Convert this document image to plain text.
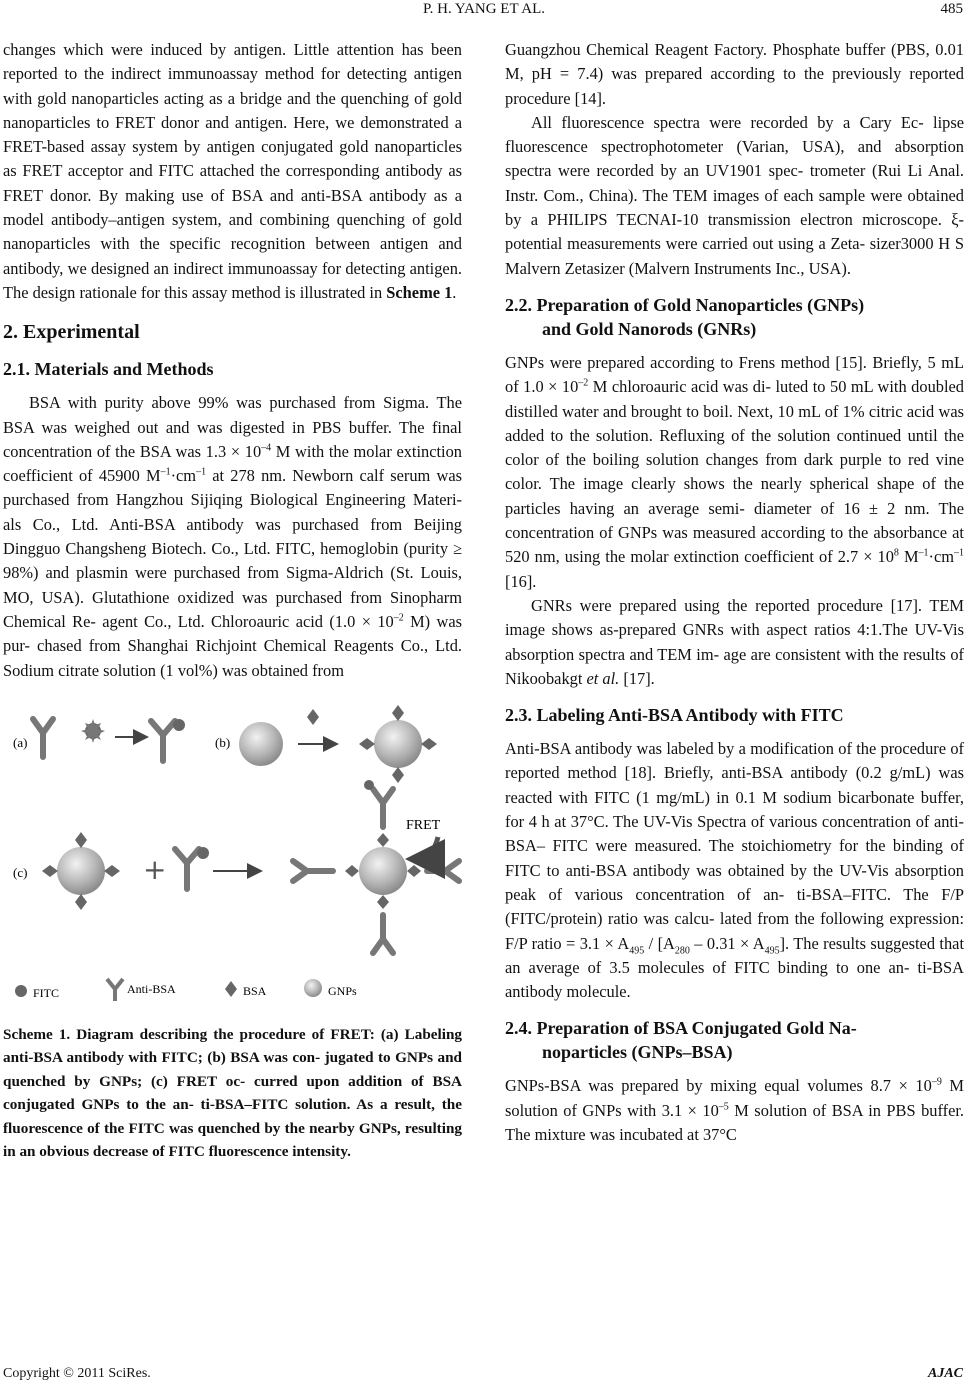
P. H. YANG ET AL.	485

changes which were induced by antigen. Little attention has been reported to the indirect immunoassay method for detecting antigen with gold nanoparticles acting as a bridge and the quenching of gold nanoparticles to FRET donor and antigen. Here, we demonstrated a FRET-based assay system by antigen conjugated gold nanoparticles as FRET acceptor and FITC attached the corresponding antibody as FRET donor. By making use of BSA and anti-BSA antibody as a model antibody–antigen system, and combining quenching of gold nanoparticles with the specific recognition between antigen and antibody, we designed an indirect immunoassay for detecting antigen. The design rationale for this assay method is illustrated in Scheme 1.

2. Experimental
2.1. Materials and Methods

BSA with purity above 99% was purchased from Sigma. The BSA was weighed out and was digested in PBS buffer. The final concentration of the BSA was $1.3 \times 10^{-4}$ M with the molar extinction coefficient of 45900 $M^{-1}\cdot cm^{-1}$ at 278 nm. Newborn calf serum was purchased from Hangzhou Sijiqing Biological Engineering Materi- als Co., Ltd. Anti-BSA antibody was purchased from Beijing Dingguo Changsheng Biotech. Co., Ltd. FITC, hemoglobin (purity ≥ 98%) and plasmin were purchased from Sigma-Aldrich (St. Louis, MO, USA). Glutathione oxidized was purchased from Sinopharm Chemical Re- agent Co., Ltd. Chloroauric acid ($1.0 \times 10^{-2}$ M) was pur- chased from Shanghai Richjoint Chemical Reagents Co., Ltd. Sodium citrate solution (1 vol%) was obtained from

(a)	(b)
(c)	+
FRET
FITC	Anti-BSA	BSA	GNPs

Scheme 1. Diagram describing the procedure of FRET: (a) Labeling anti-BSA antibody with FITC; (b) BSA was con- jugated to GNPs and quenched by GNPs; (c) FRET oc- curred upon addition of BSA conjugated GNPs to the an- ti-BSA–FITC solution. As a result, the fluorescence of the FITC was quenched by the nearby GNPs, resulting in an obvious decrease of FITC fluorescence intensity.

Guangzhou Chemical Reagent Factory. Phosphate buffer (PBS, 0.01 M, pH = 7.4) was prepared according to the previously reported procedure [14].

All fluorescence spectra were recorded by a Cary Ec- lipse fluorescence spectrophotometer (Varian, USA), and absorption spectra were recorded by an UV1901 spec- trometer (Rui Li Anal. Instr. Com., China). The TEM images of each sample were obtained by a PHILIPS TECNAI-10 transmission electron microscope. ξ-potential measurements were carried out using a Zeta- sizer3000 H S Malvern Zetasizer (Malvern Instruments Inc., USA).

2.2. Preparation of Gold Nanoparticles (GNPs)
and Gold Nanorods (GNRs)

GNPs were prepared according to Frens method [15]. Briefly, 5 mL of $1.0 \times 10^{-2}$ M chloroauric acid was di- luted to 50 mL with doubled distilled water and brought to boil. Next, 10 mL of 1% citric acid was added to the solution. Refluxing of the solution continued until the color of the boiling solution changes from dark purple to red vine color. The image clearly shows the nearly spherical shape of the particles having an average semi- diameter of 16 ± 2 nm. The concentration of GNPs was measured according to the absorbance at 520 nm, using the molar extinction coefficient of $2.7 \times 10^8$ $M^{-1}\cdot cm^{-1}$ [16].

GNRs were prepared using the reported procedure [17]. TEM image shows as-prepared GNRs with aspect ratios 4:1.The UV-Vis absorption spectra and TEM im- age are consistent with the results of Nikoobakgt et al. [17].

2.3. Labeling Anti-BSA Antibody with FITC

Anti-BSA antibody was labeled by a modification of the procedure of reported method [18]. Briefly, anti-BSA antibody (0.2 g/mL) was reacted with FITC (1 mg/mL) in 0.1 M sodium bicarbonate buffer, for 4 h at 37°C. The UV-Vis Spectra of various concentration of anti-BSA– FITC were measured. The stoichiometry for the binding of FITC to anti-BSA antibody was obtained by the UV-Vis absorption peak of various concentration of an- ti-BSA–FITC. The F/P (FITC/protein) ratio was calcu- lated from the following expression: F/P ratio = $3.1 \times A_{495} / [A_{280} - 0.31 \times A_{495}]$. The results suggested that an average of 3.5 molecules of FITC binding to one an- ti-BSA antibody molecule.

2.4. Preparation of BSA Conjugated Gold Na-
noparticles (GNPs–BSA)

GNPs-BSA was prepared by mixing equal volumes $8.7 \times 10^{-9}$ M solution of GNPs with $3.1 \times 10^{-5}$ M solution of BSA in PBS buffer. The mixture was incubated at 37°C

Copyright © 2011 SciRes.	AJAC
